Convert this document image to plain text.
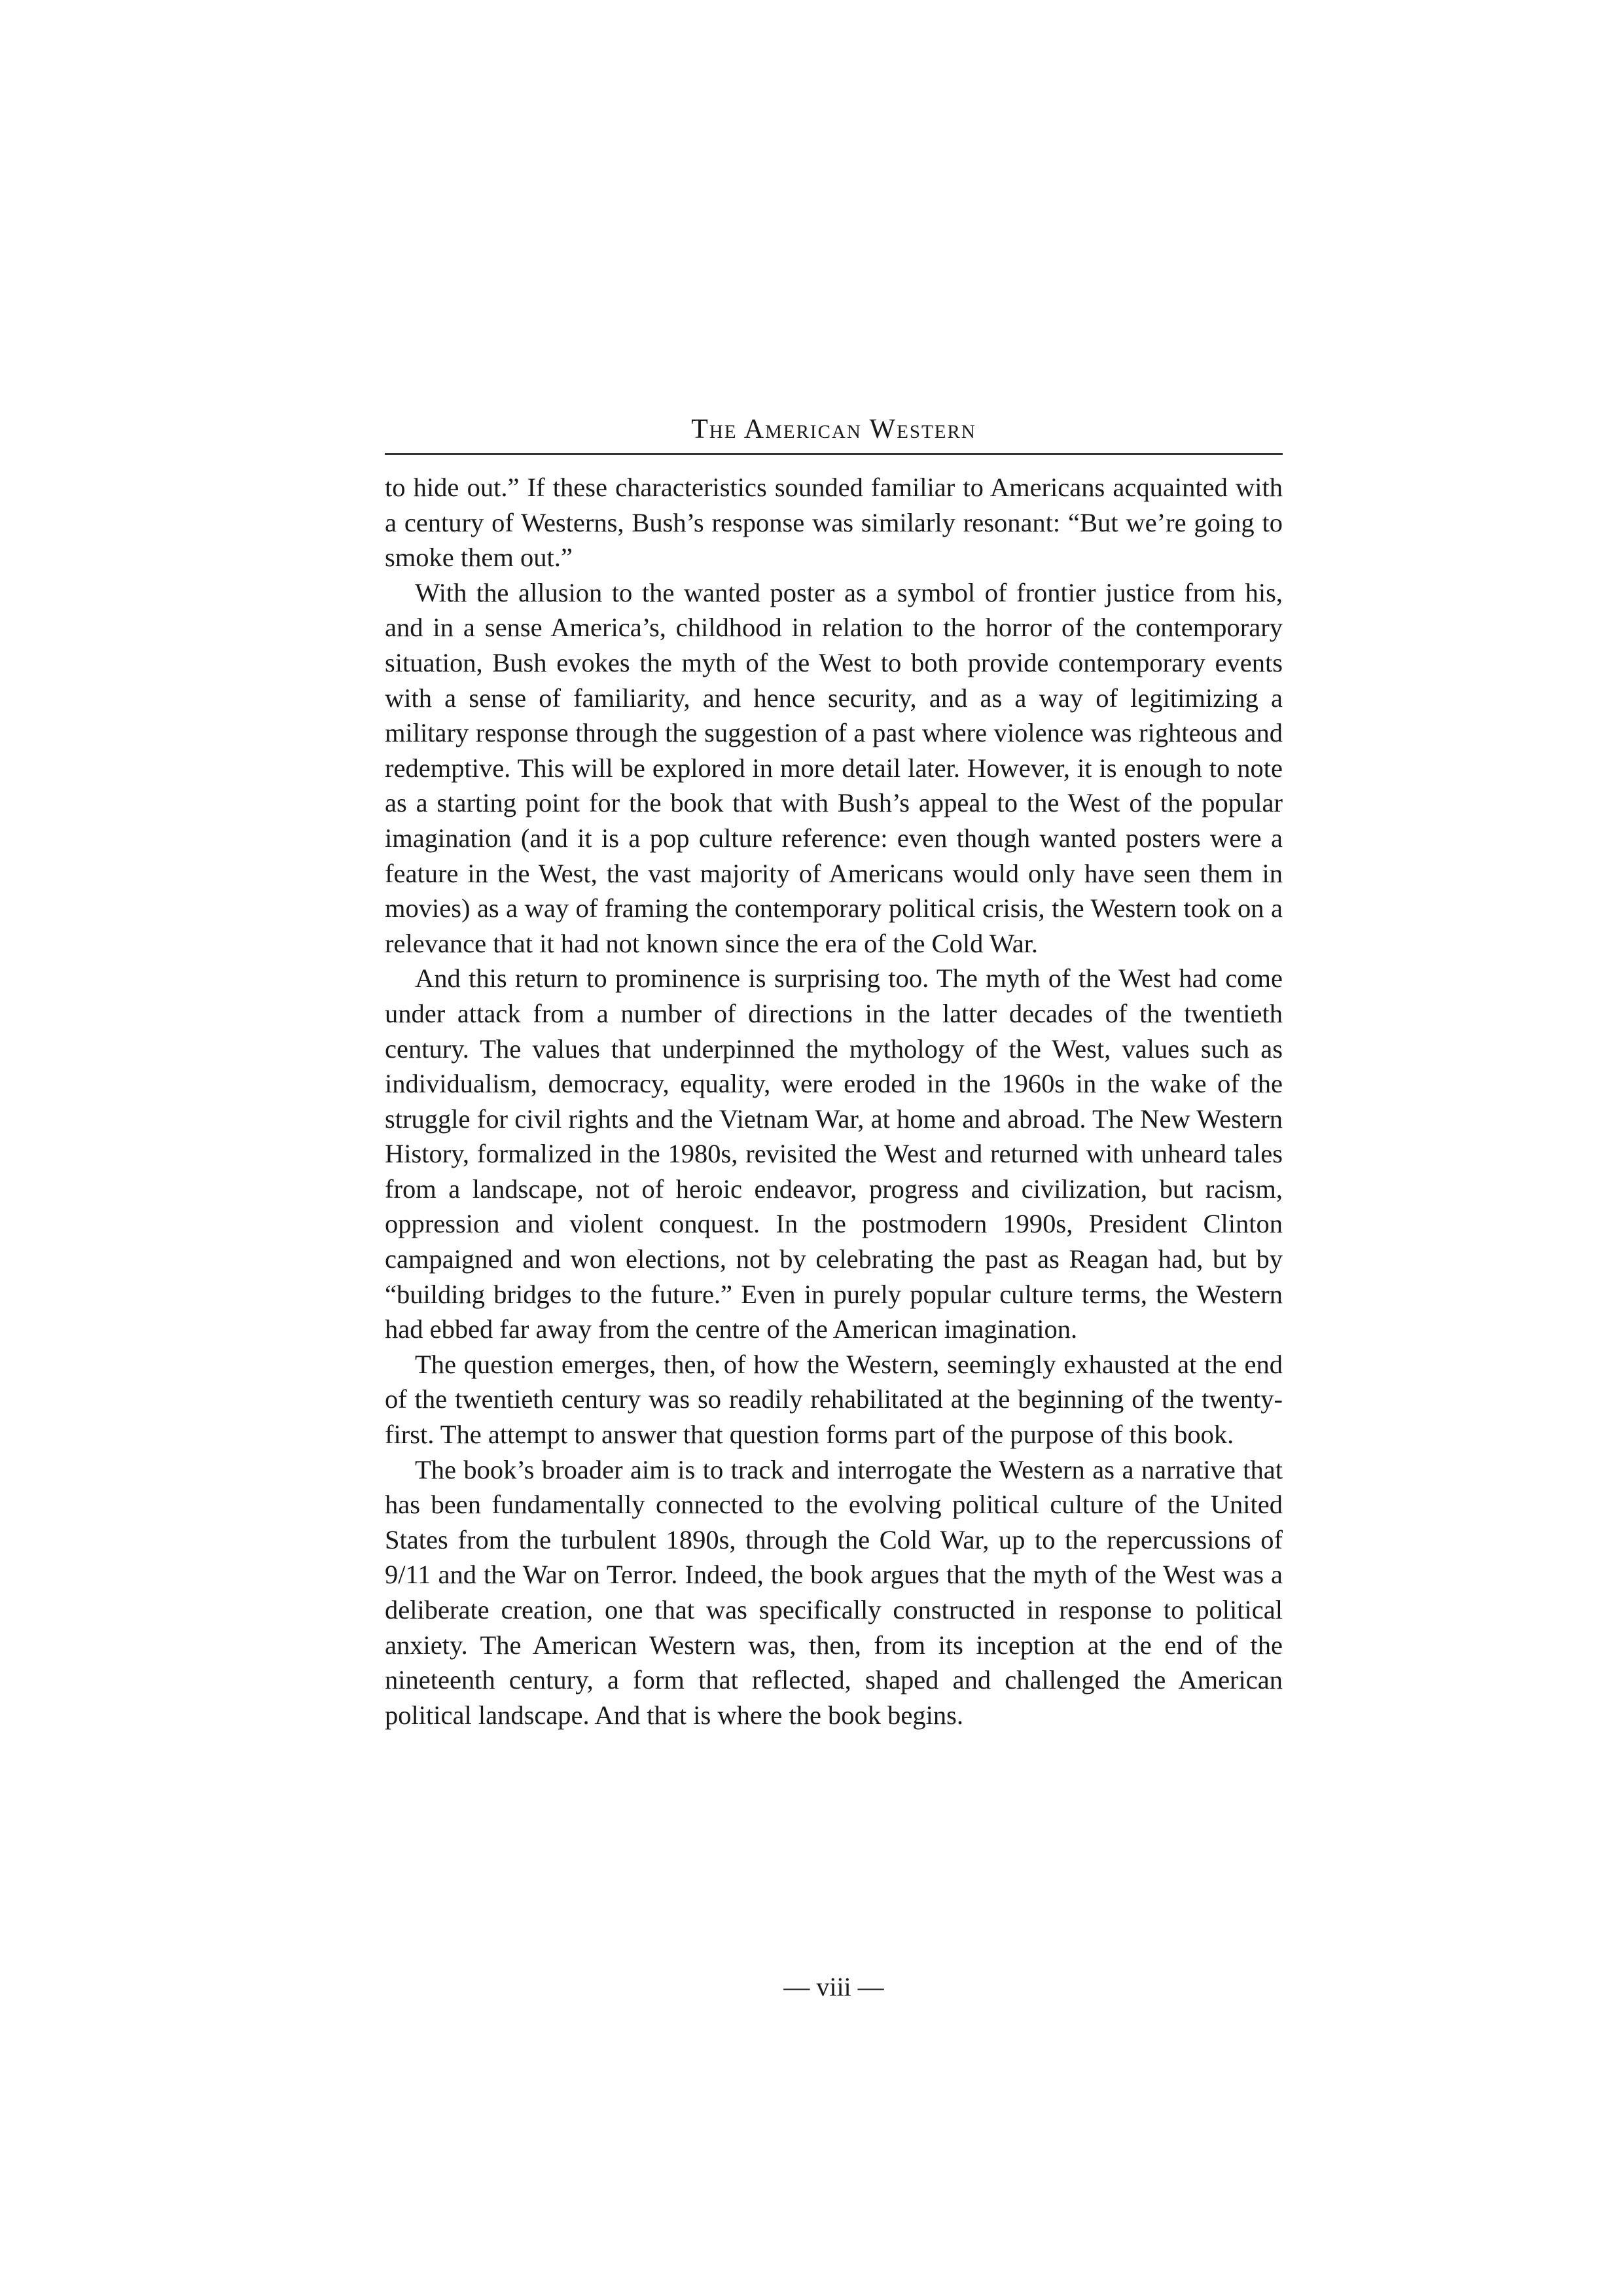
The American Western

to hide out.” If these characteristics sounded familiar to Americans acquainted with a century of Westerns, Bush’s response was similarly resonant: “But we’re going to smoke them out.”

With the allusion to the wanted poster as a symbol of frontier justice from his, and in a sense America’s, childhood in relation to the horror of the contemporary situation, Bush evokes the myth of the West to both provide contemporary events with a sense of familiarity, and hence security, and as a way of legitimizing a military response through the suggestion of a past where violence was righteous and redemptive. This will be explored in more detail later. However, it is enough to note as a starting point for the book that with Bush’s appeal to the West of the popular imagination (and it is a pop culture reference: even though wanted posters were a feature in the West, the vast majority of Americans would only have seen them in movies) as a way of framing the contemporary political crisis, the Western took on a relevance that it had not known since the era of the Cold War.

And this return to prominence is surprising too. The myth of the West had come under attack from a number of directions in the latter decades of the twentieth century. The values that underpinned the mythology of the West, values such as individualism, democracy, equality, were eroded in the 1960s in the wake of the struggle for civil rights and the Vietnam War, at home and abroad. The New Western History, formalized in the 1980s, revisited the West and returned with unheard tales from a landscape, not of heroic endeavor, progress and civilization, but racism, oppression and violent conquest. In the postmodern 1990s, President Clinton campaigned and won elections, not by celebrating the past as Reagan had, but by “building bridges to the future.” Even in purely popular culture terms, the Western had ebbed far away from the centre of the American imagination.

The question emerges, then, of how the Western, seemingly exhausted at the end of the twentieth century was so readily rehabilitated at the beginning of the twenty-first. The attempt to answer that question forms part of the purpose of this book.

The book’s broader aim is to track and interrogate the Western as a narrative that has been fundamentally connected to the evolving political culture of the United States from the turbulent 1890s, through the Cold War, up to the repercussions of 9/11 and the War on Terror. Indeed, the book argues that the myth of the West was a deliberate creation, one that was specifically constructed in response to political anxiety. The American Western was, then, from its inception at the end of the nineteenth century, a form that reflected, shaped and challenged the American political landscape. And that is where the book begins.

— viii —
